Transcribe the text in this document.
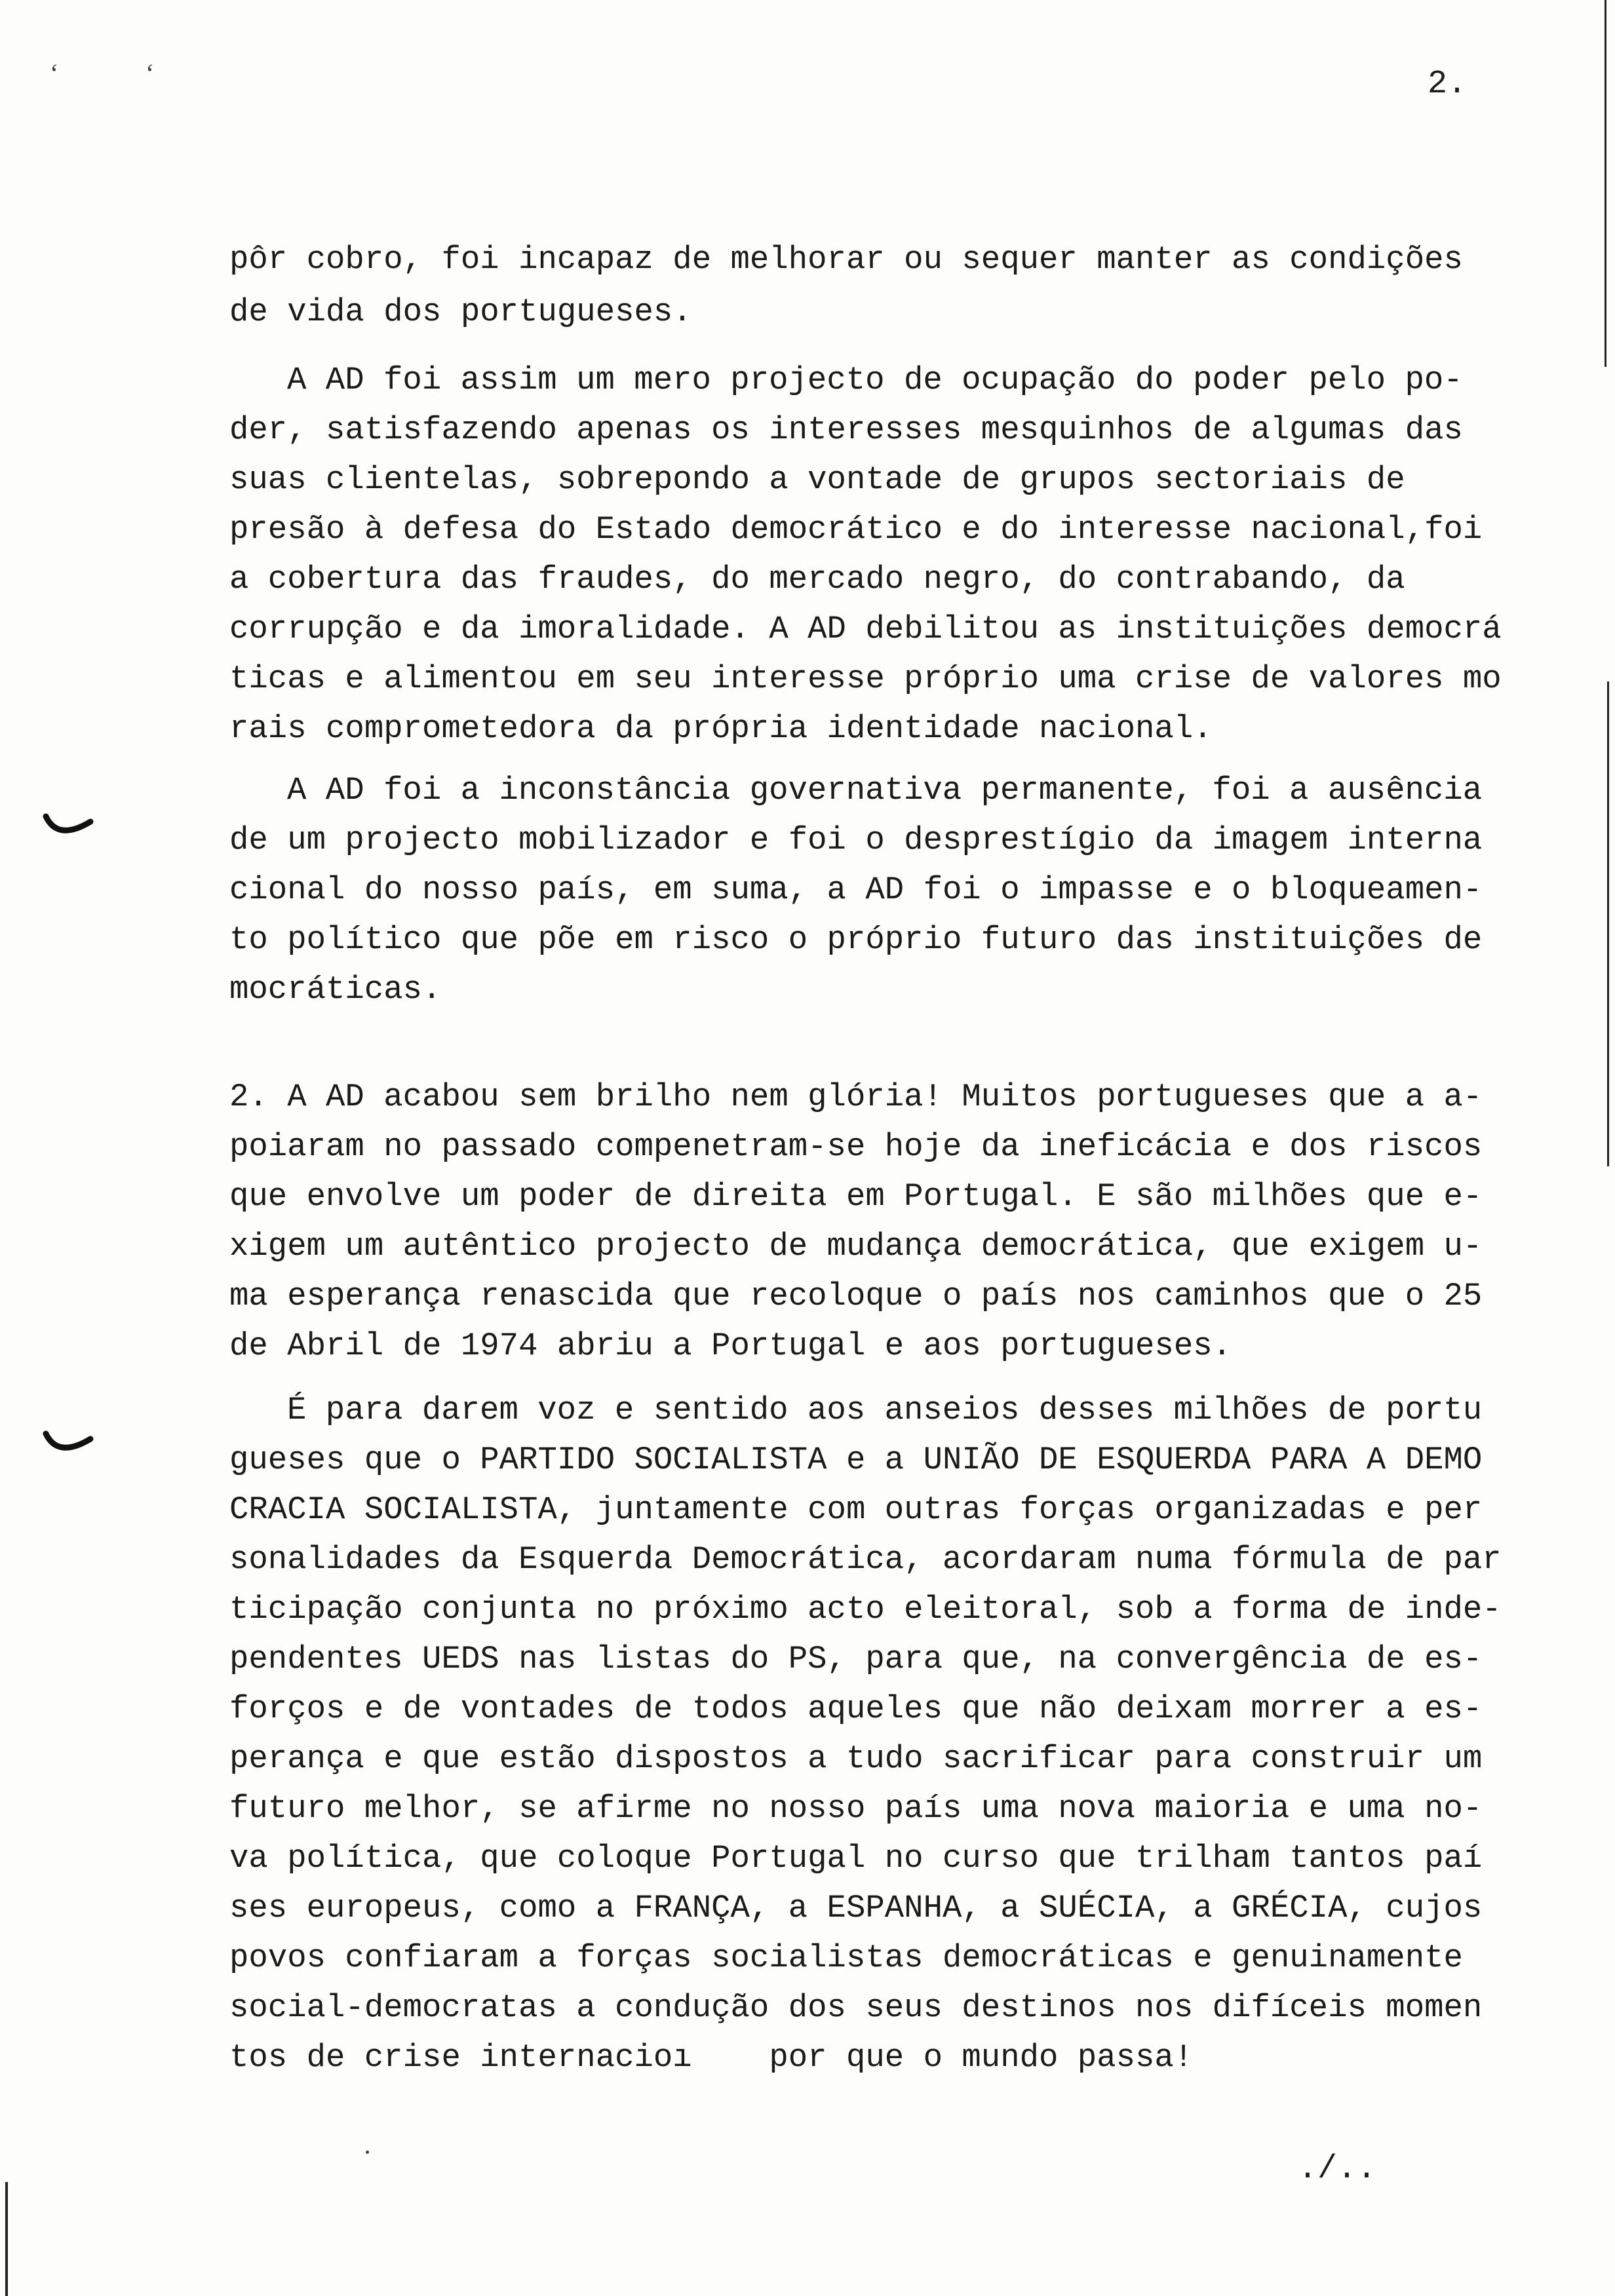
‘	‘	2.
pôr cobro, foi incapaz de melhorar ou sequer manter as condições
de vida dos portugueses.
A AD foi assim um mero projecto de ocupação do poder pelo po-
der, satisfazendo apenas os interesses mesquinhos de algumas das
suas clientelas, sobrepondo a vontade de grupos sectoriais de
presão à defesa do Estado democrático e do interesse nacional,foi
a cobertura das fraudes, do mercado negro, do contrabando, da
corrupção e da imoralidade. A AD debilitou as instituições democrá
ticas e alimentou em seu interesse próprio uma crise de valores mo
rais comprometedora da própria identidade nacional.
A AD foi a inconstância governativa permanente, foi a ausência
de um projecto mobilizador e foi o desprestígio da imagem interna
cional do nosso país, em suma, a AD foi o impasse e o bloqueamen-
to político que põe em risco o próprio futuro das instituições de
mocráticas.
2. A AD acabou sem brilho nem glória! Muitos portugueses que a a-
poiaram no passado compenetram-se hoje da ineficácia e dos riscos
que envolve um poder de direita em Portugal. E são milhões que e-
xigem um autêntico projecto de mudança democrática, que exigem u-
ma esperança renascida que recoloque o país nos caminhos que o 25
de Abril de 1974 abriu a Portugal e aos portugueses.
É para darem voz e sentido aos anseios desses milhões de portu
gueses que o PARTIDO SOCIALISTA e a UNIÃO DE ESQUERDA PARA A DEMO
CRACIA SOCIALISTA, juntamente com outras forças organizadas e per
sonalidades da Esquerda Democrática, acordaram numa fórmula de par
ticipação conjunta no próximo acto eleitoral, sob a forma de inde-
pendentes UEDS nas listas do PS, para que, na convergência de es-
forços e de vontades de todos aqueles que não deixam morrer a es-
perança e que estão dispostos a tudo sacrificar para construir um
futuro melhor, se afirme no nosso país uma nova maioria e uma no-
va política, que coloque Portugal no curso que trilham tantos paí
ses europeus, como a FRANÇA, a ESPANHA, a SUÉCIA, a GRÉCIA, cujos
povos confiaram a forças socialistas democráticas e genuinamente
social-democratas a condução dos seus destinos nos difíceis momen
tos de crise internacioı    por que o mundo passa!
./..
